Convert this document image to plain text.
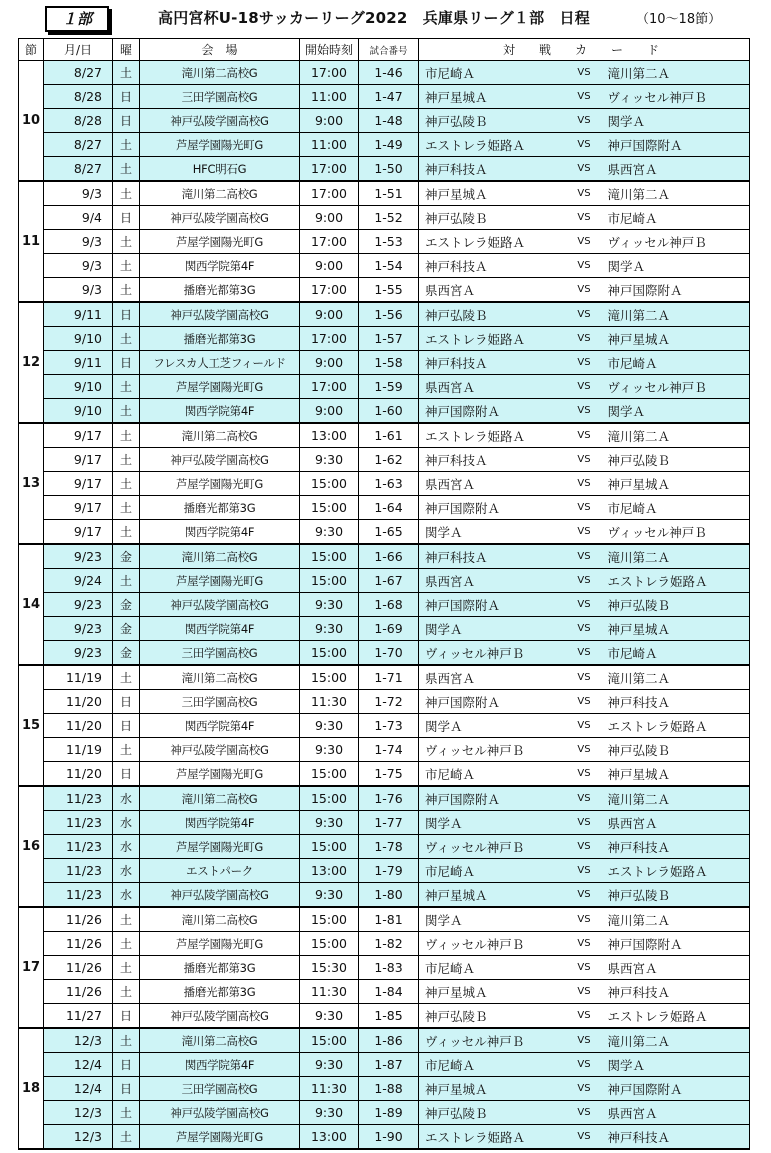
１部	高円宮杯U-18サッカーリーグ2022　兵庫県リーグ１部　日程	（10〜18節）
節	月/日	曜	会　場	開始時刻	試合番号	対　戦　カ　ー　ド		
10	8/27	土	滝川第二高校G	17:00	1-46	市尼崎Ａ	VS	滝川第二Ａ
	8/28	日	三田学園高校G	11:00	1-47	神戸星城Ａ	VS	ヴィッセル神戸Ｂ
	8/28	日	神戸弘陵学園高校G	9:00	1-48	神戸弘陵Ｂ	VS	関学Ａ
	8/27	土	芦屋学園陽光町G	11:00	1-49	エストレラ姫路Ａ	VS	神戸国際附Ａ
	8/27	土	HFC明石G	17:00	1-50	神戸科技Ａ	VS	県西宮Ａ
11	9/3	土	滝川第二高校G	17:00	1-51	神戸星城Ａ	VS	滝川第二Ａ
	9/4	日	神戸弘陵学園高校G	9:00	1-52	神戸弘陵Ｂ	VS	市尼崎Ａ
	9/3	土	芦屋学園陽光町G	17:00	1-53	エストレラ姫路Ａ	VS	ヴィッセル神戸Ｂ
	9/3	土	関西学院第4F	9:00	1-54	神戸科技Ａ	VS	関学Ａ
	9/3	土	播磨光都第3G	17:00	1-55	県西宮Ａ	VS	神戸国際附Ａ
12	9/11	日	神戸弘陵学園高校G	9:00	1-56	神戸弘陵Ｂ	VS	滝川第二Ａ
	9/10	土	播磨光都第3G	17:00	1-57	エストレラ姫路Ａ	VS	神戸星城Ａ
	9/11	日	フレスカ人工芝フィールド	9:00	1-58	神戸科技Ａ	VS	市尼崎Ａ
	9/10	土	芦屋学園陽光町G	17:00	1-59	県西宮Ａ	VS	ヴィッセル神戸Ｂ
	9/10	土	関西学院第4F	9:00	1-60	神戸国際附Ａ	VS	関学Ａ
13	9/17	土	滝川第二高校G	13:00	1-61	エストレラ姫路Ａ	VS	滝川第二Ａ
	9/17	土	神戸弘陵学園高校G	9:30	1-62	神戸科技Ａ	VS	神戸弘陵Ｂ
	9/17	土	芦屋学園陽光町G	15:00	1-63	県西宮Ａ	VS	神戸星城Ａ
	9/17	土	播磨光都第3G	15:00	1-64	神戸国際附Ａ	VS	市尼崎Ａ
	9/17	土	関西学院第4F	9:30	1-65	関学Ａ	VS	ヴィッセル神戸Ｂ
14	9/23	金	滝川第二高校G	15:00	1-66	神戸科技Ａ	VS	滝川第二Ａ
	9/24	土	芦屋学園陽光町G	15:00	1-67	県西宮Ａ	VS	エストレラ姫路Ａ
	9/23	金	神戸弘陵学園高校G	9:30	1-68	神戸国際附Ａ	VS	神戸弘陵Ｂ
	9/23	金	関西学院第4F	9:30	1-69	関学Ａ	VS	神戸星城Ａ
	9/23	金	三田学園高校G	15:00	1-70	ヴィッセル神戸Ｂ	VS	市尼崎Ａ
15	11/19	土	滝川第二高校G	15:00	1-71	県西宮Ａ	VS	滝川第二Ａ
	11/20	日	三田学園高校G	11:30	1-72	神戸国際附Ａ	VS	神戸科技Ａ
	11/20	日	関西学院第4F	9:30	1-73	関学Ａ	VS	エストレラ姫路Ａ
	11/19	土	神戸弘陵学園高校G	9:30	1-74	ヴィッセル神戸Ｂ	VS	神戸弘陵Ｂ
	11/20	日	芦屋学園陽光町G	15:00	1-75	市尼崎Ａ	VS	神戸星城Ａ
16	11/23	水	滝川第二高校G	15:00	1-76	神戸国際附Ａ	VS	滝川第二Ａ
	11/23	水	関西学院第4F	9:30	1-77	関学Ａ	VS	県西宮Ａ
	11/23	水	芦屋学園陽光町G	15:00	1-78	ヴィッセル神戸Ｂ	VS	神戸科技Ａ
	11/23	水	エストパーク	13:00	1-79	市尼崎Ａ	VS	エストレラ姫路Ａ
	11/23	水	神戸弘陵学園高校G	9:30	1-80	神戸星城Ａ	VS	神戸弘陵Ｂ
17	11/26	土	滝川第二高校G	15:00	1-81	関学Ａ	VS	滝川第二Ａ
	11/26	土	芦屋学園陽光町G	15:00	1-82	ヴィッセル神戸Ｂ	VS	神戸国際附Ａ
	11/26	土	播磨光都第3G	15:30	1-83	市尼崎Ａ	VS	県西宮Ａ
	11/26	土	播磨光都第3G	11:30	1-84	神戸星城Ａ	VS	神戸科技Ａ
	11/27	日	神戸弘陵学園高校G	9:30	1-85	神戸弘陵Ｂ	VS	エストレラ姫路Ａ
18	12/3	土	滝川第二高校G	15:00	1-86	ヴィッセル神戸Ｂ	VS	滝川第二Ａ
	12/4	日	関西学院第4F	9:30	1-87	市尼崎Ａ	VS	関学Ａ
	12/4	日	三田学園高校G	11:30	1-88	神戸星城Ａ	VS	神戸国際附Ａ
	12/3	土	神戸弘陵学園高校G	9:30	1-89	神戸弘陵Ｂ	VS	県西宮Ａ
	12/3	土	芦屋学園陽光町G	13:00	1-90	エストレラ姫路Ａ	VS	神戸科技Ａ
